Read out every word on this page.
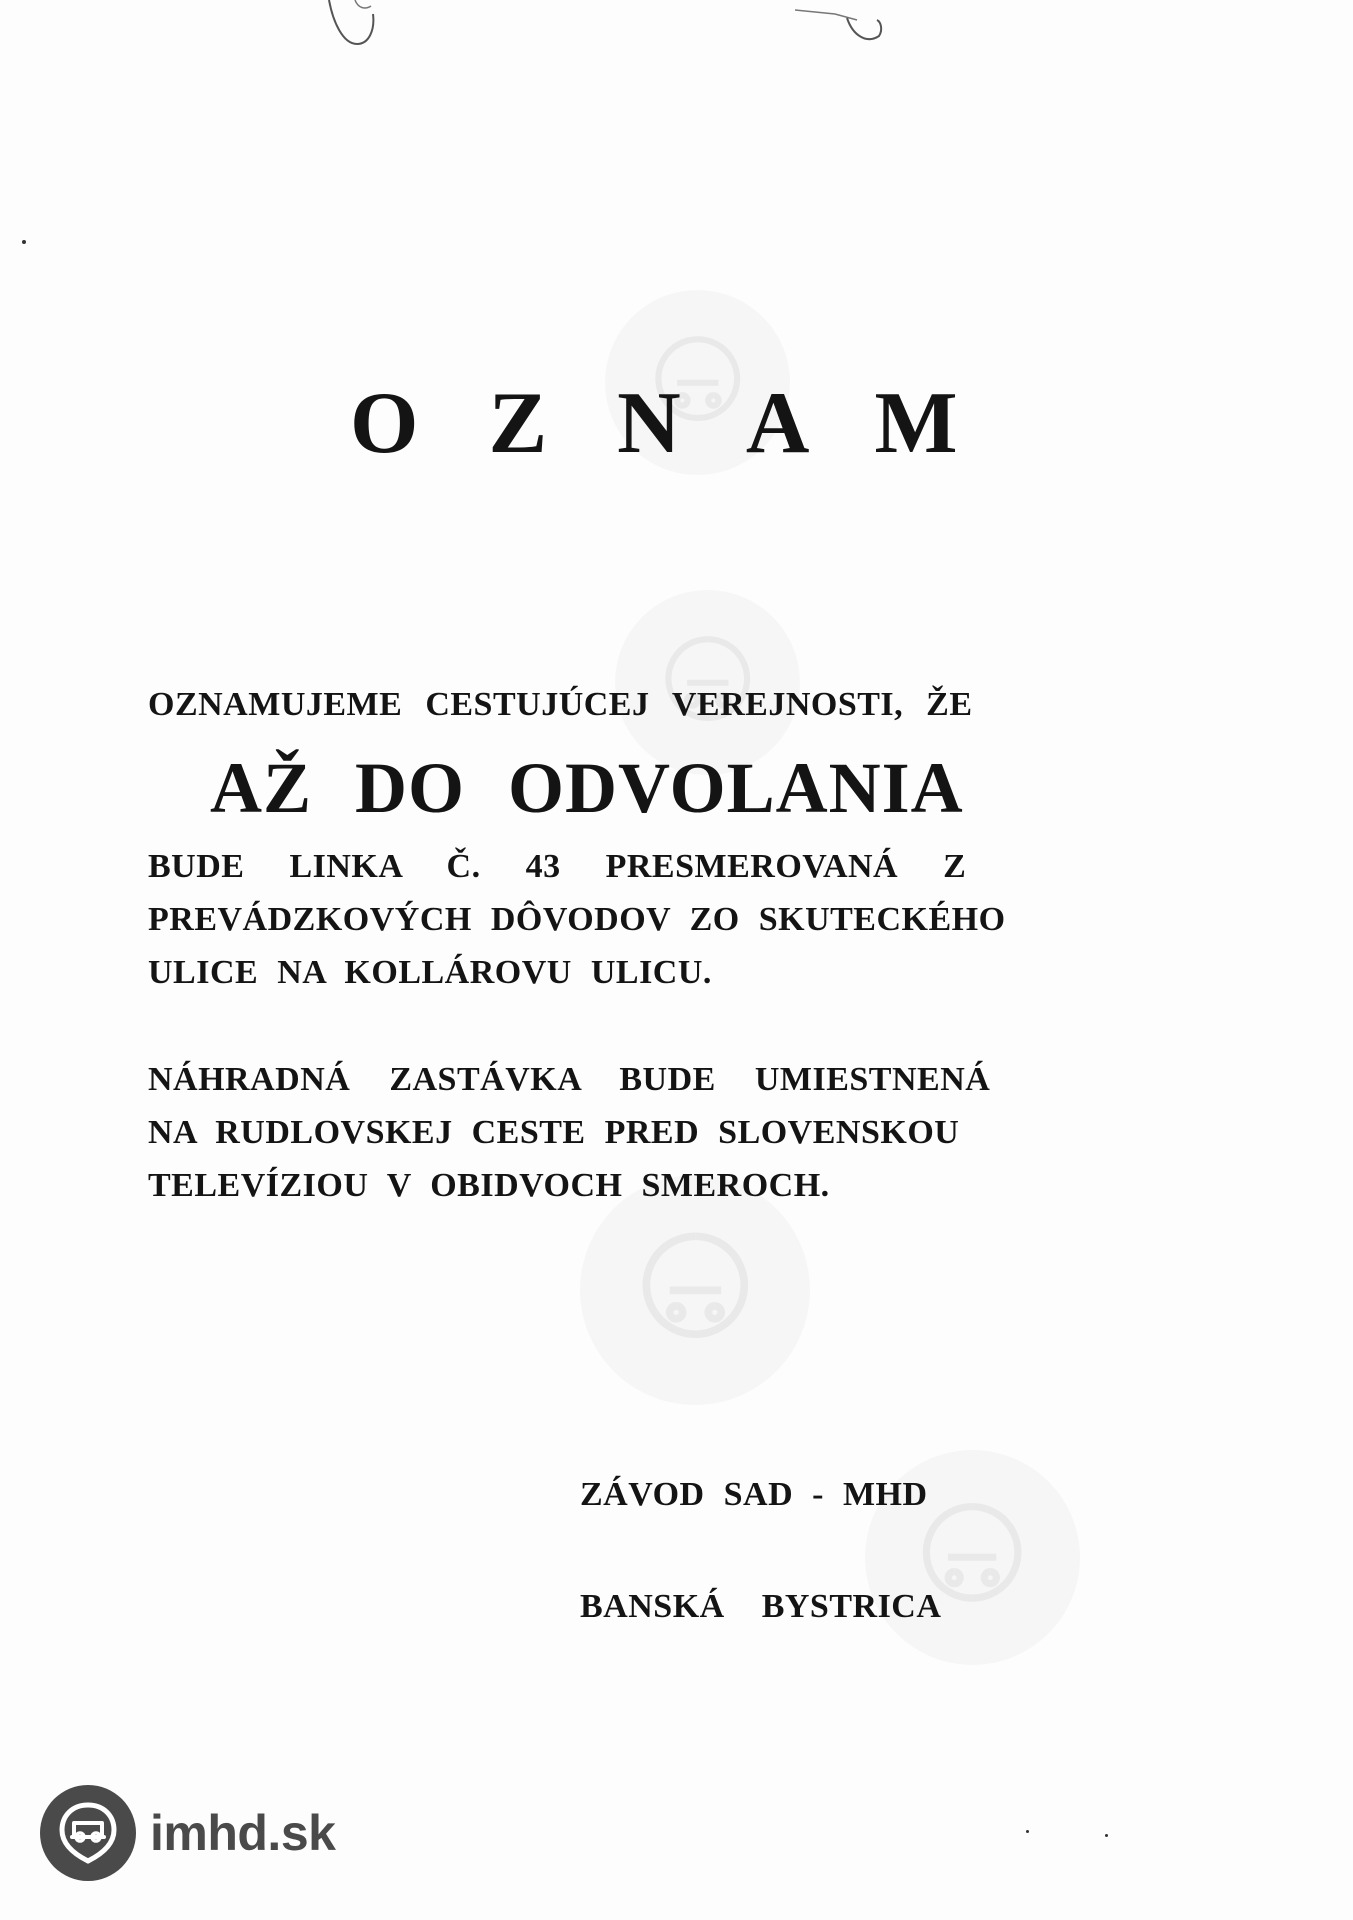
O Z N A M
OZNAMUJEME CESTUJÚCEJ VEREJNOSTI, ŽE
AŽ DO ODVOLANIA
BUDE LINKA Č. 43 PRESMEROVANÁ Z
PREVÁDZKOVÝCH DÔVODOV ZO SKUTECKÉHO
ULICE NA KOLLÁROVU ULICU.
NÁHRADNÁ ZASTÁVKA BUDE UMIESTNENÁ
NA RUDLOVSKEJ CESTE PRED SLOVENSKOU
TELEVÍZIOU V OBIDVOCH SMEROCH.
ZÁVOD SAD - MHD
BANSKÁ BYSTRICA
imhd.sk
